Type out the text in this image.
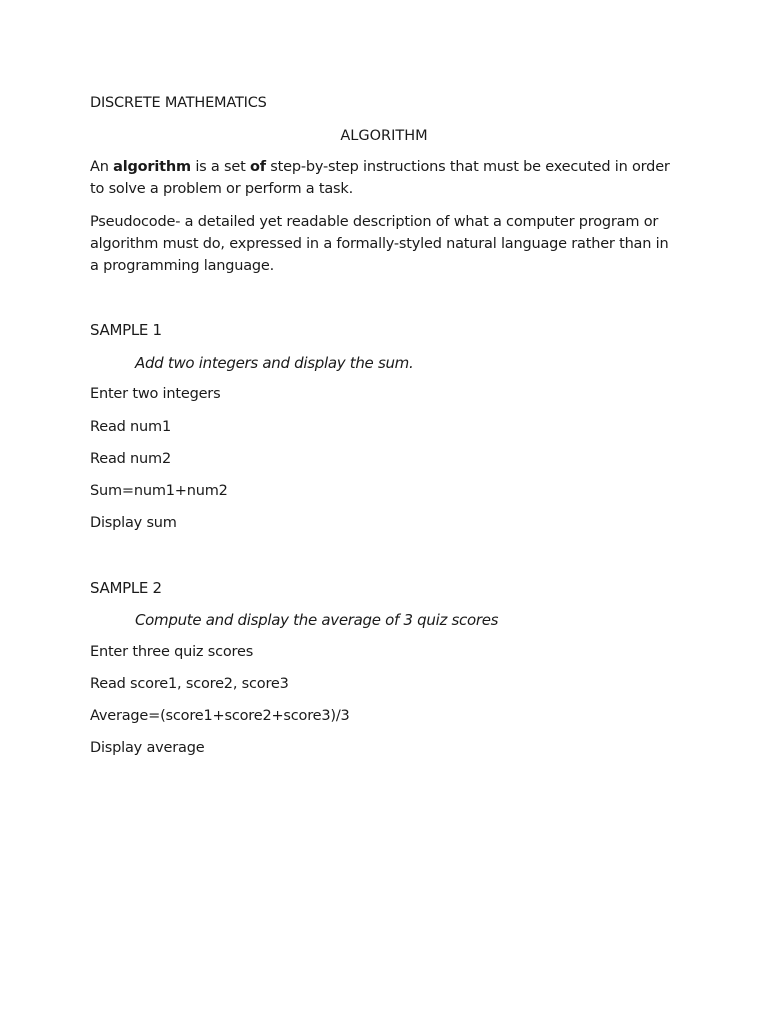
DISCRETE MATHEMATICS

ALGORITHM

An algorithm is a set of step-by-step instructions that must be executed in order to solve a problem or perform a task.

Pseudocode- a detailed yet readable description of what a computer program or algorithm must do, expressed in a formally-styled natural language rather than in a programming language.

SAMPLE 1

Add two integers and display the sum.

Enter two integers

Read num1

Read num2

Sum=num1+num2

Display sum

SAMPLE 2

Compute and display the average of 3 quiz scores

Enter three quiz scores

Read score1, score2, score3

Average=(score1+score2+score3)/3

Display average
